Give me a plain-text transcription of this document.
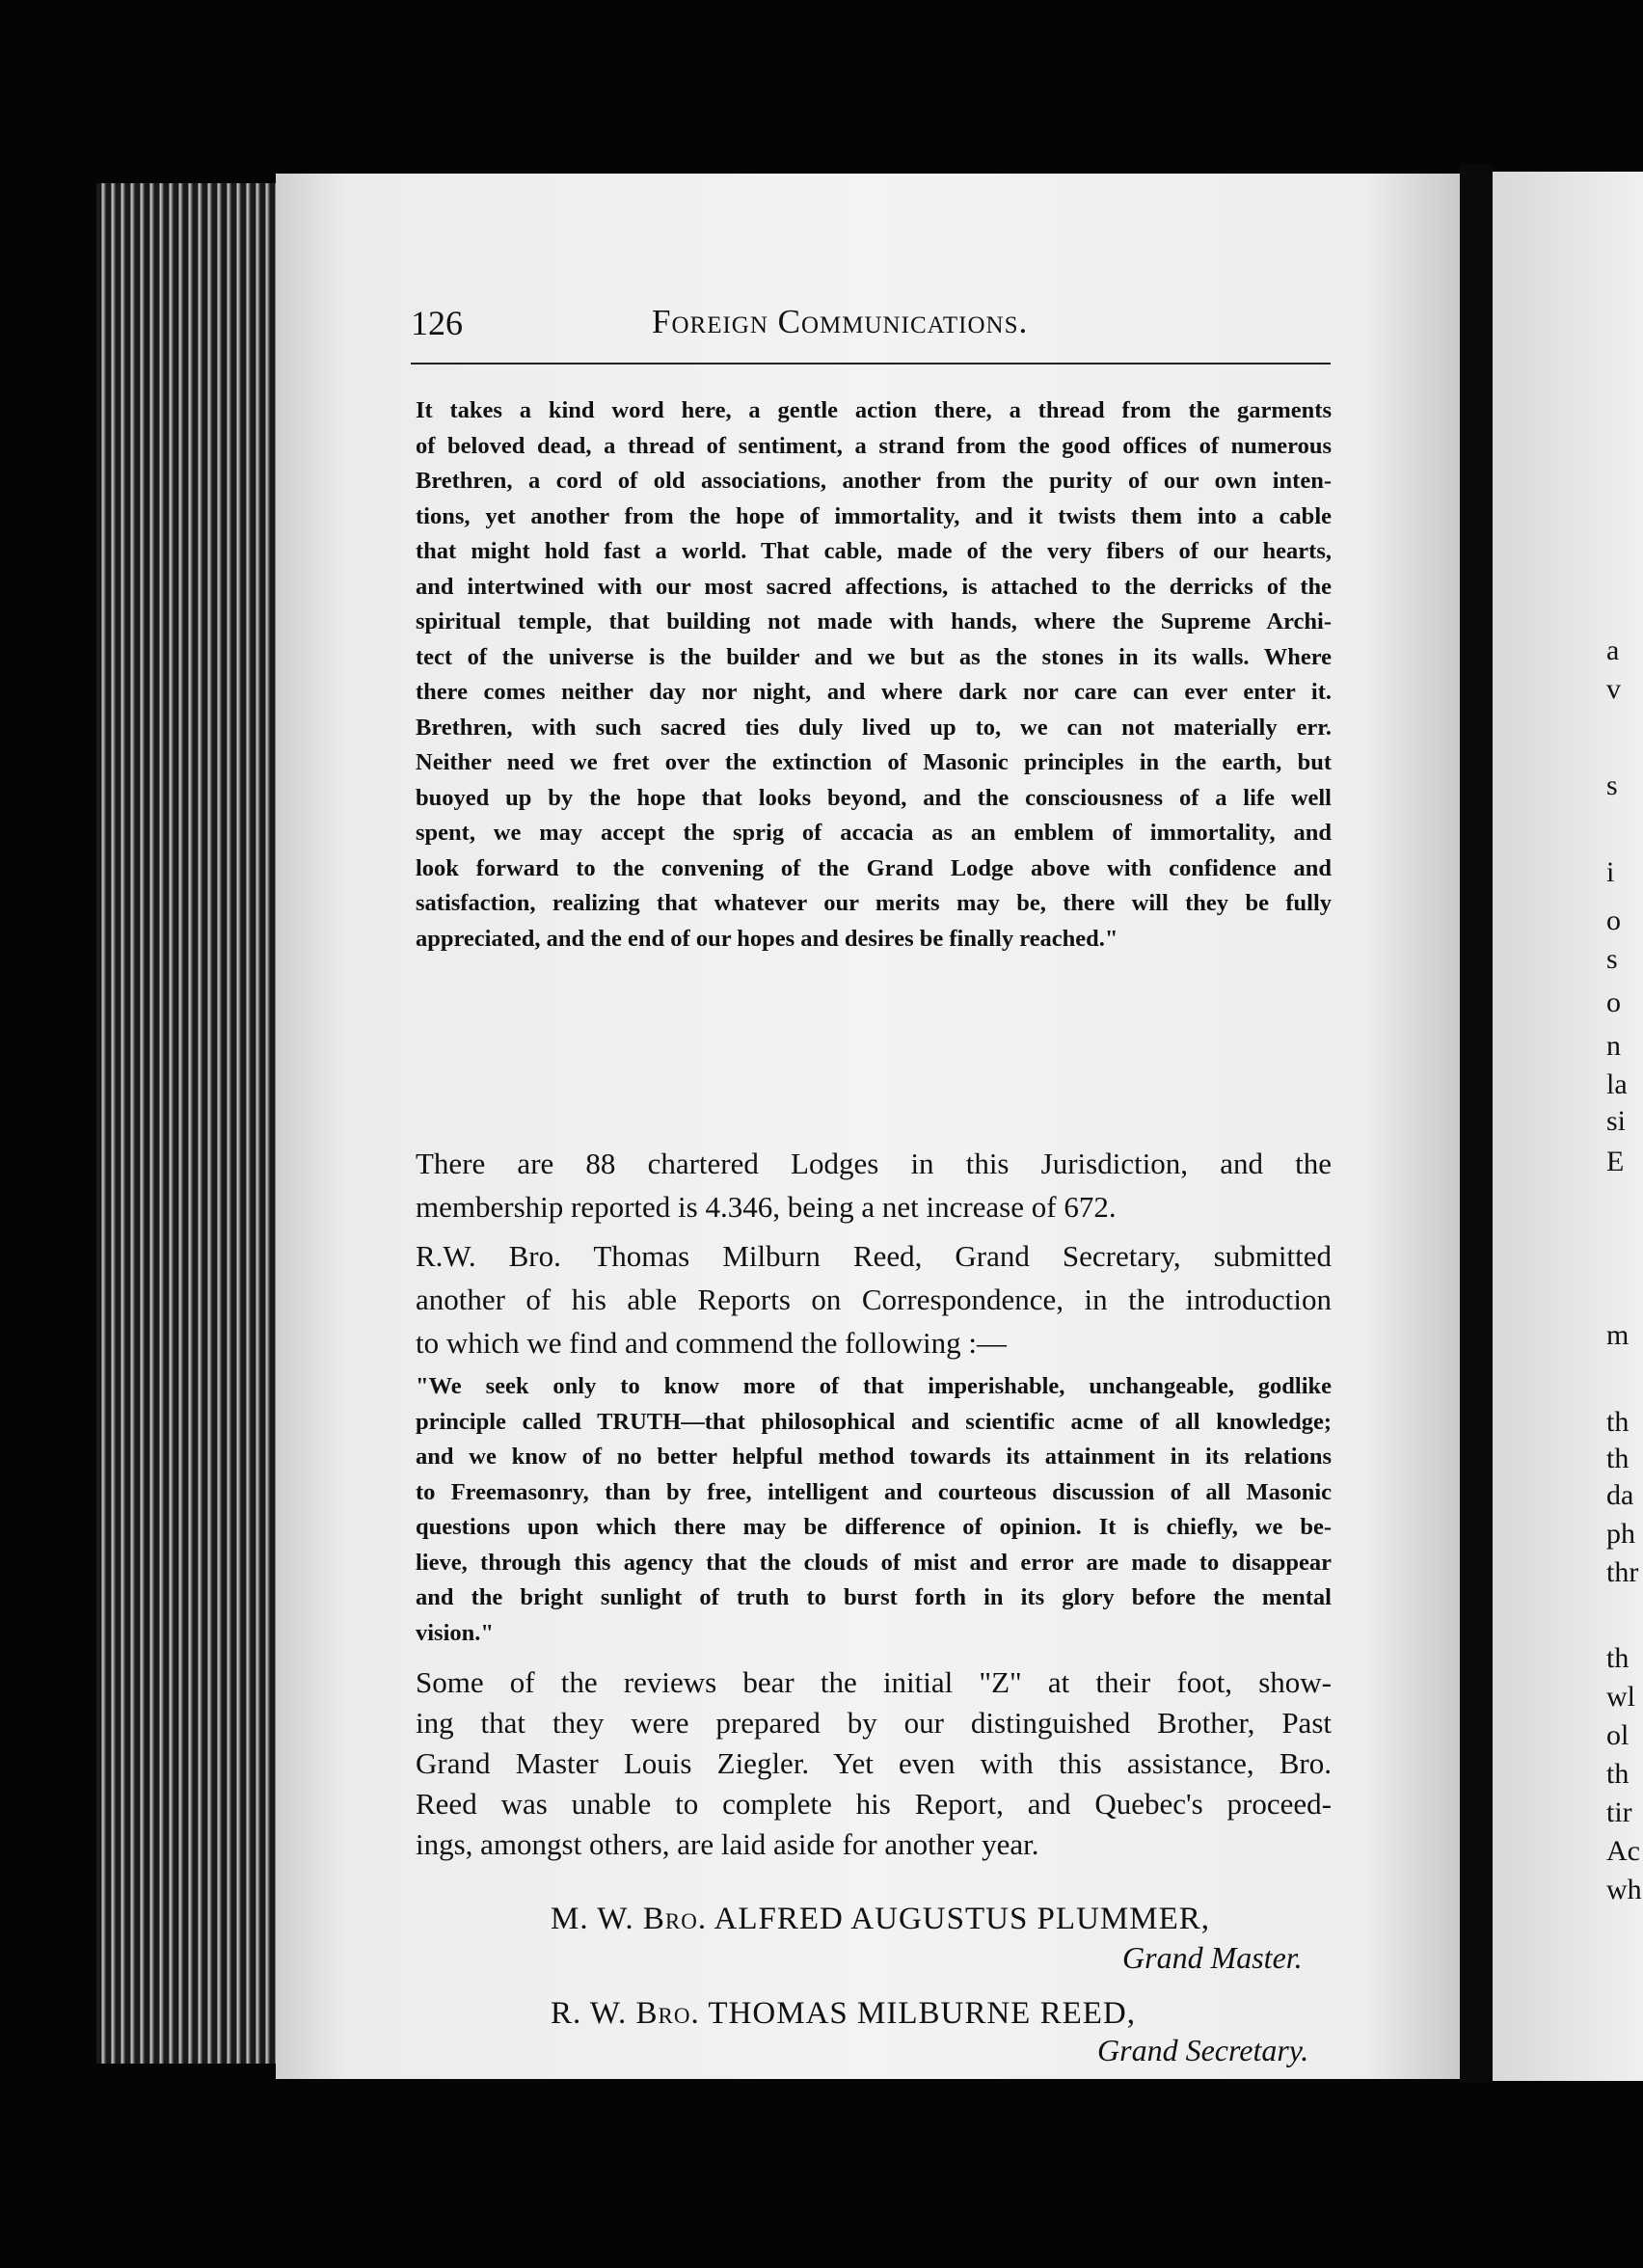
a
v
s
i
o
s
o
n
la
si
E
m
th
th
da
ph
thr
th
wl
ol
th
tir
Ac
wh
126	Foreign Communications.
It takes a kind word here, a gentle action there, a thread from the garments
of beloved dead, a thread of sentiment, a strand from the good offices of numerous
Brethren, a cord of old associations, another from the purity of our own inten-
tions, yet another from the hope of immortality, and it twists them into a cable
that might hold fast a world. That cable, made of the very fibers of our hearts,
and intertwined with our most sacred affections, is attached to the derricks of the
spiritual temple, that building not made with hands, where the Supreme Archi-
tect of the universe is the builder and we but as the stones in its walls. Where
there comes neither day nor night, and where dark nor care can ever enter it.
Brethren, with such sacred ties duly lived up to, we can not materially err.
Neither need we fret over the extinction of Masonic principles in the earth, but
buoyed up by the hope that looks beyond, and the consciousness of a life well
spent, we may accept the sprig of accacia as an emblem of immortality, and
look forward to the convening of the Grand Lodge above with confidence and
satisfaction, realizing that whatever our merits may be, there will they be fully
appreciated, and the end of our hopes and desires be finally reached."
There are 88 chartered Lodges in this Jurisdiction, and the
membership reported is 4.346, being a net increase of 672.
R.W. Bro. Thomas Milburn Reed, Grand Secretary, submitted
another of his able Reports on Correspondence, in the introduction
to which we find and commend the following :—
"We seek only to know more of that imperishable, unchangeable, godlike
principle called TRUTH—that philosophical and scientific acme of all knowledge;
and we know of no better helpful method towards its attainment in its relations
to Freemasonry, than by free, intelligent and courteous discussion of all Masonic
questions upon which there may be difference of opinion. It is chiefly, we be-
lieve, through this agency that the clouds of mist and error are made to disappear
and the bright sunlight of truth to burst forth in its glory before the mental
vision."
Some of the reviews bear the initial "Z" at their foot, show-
ing that they were prepared by our distinguished Brother, Past
Grand Master Louis Ziegler. Yet even with this assistance, Bro.
Reed was unable to complete his Report, and Quebec's proceed-
ings, amongst others, are laid aside for another year.
M. W. Bro. ALFRED AUGUSTUS PLUMMER,
Grand Master.
R. W. Bro. THOMAS MILBURNE REED,
Grand Secretary.
